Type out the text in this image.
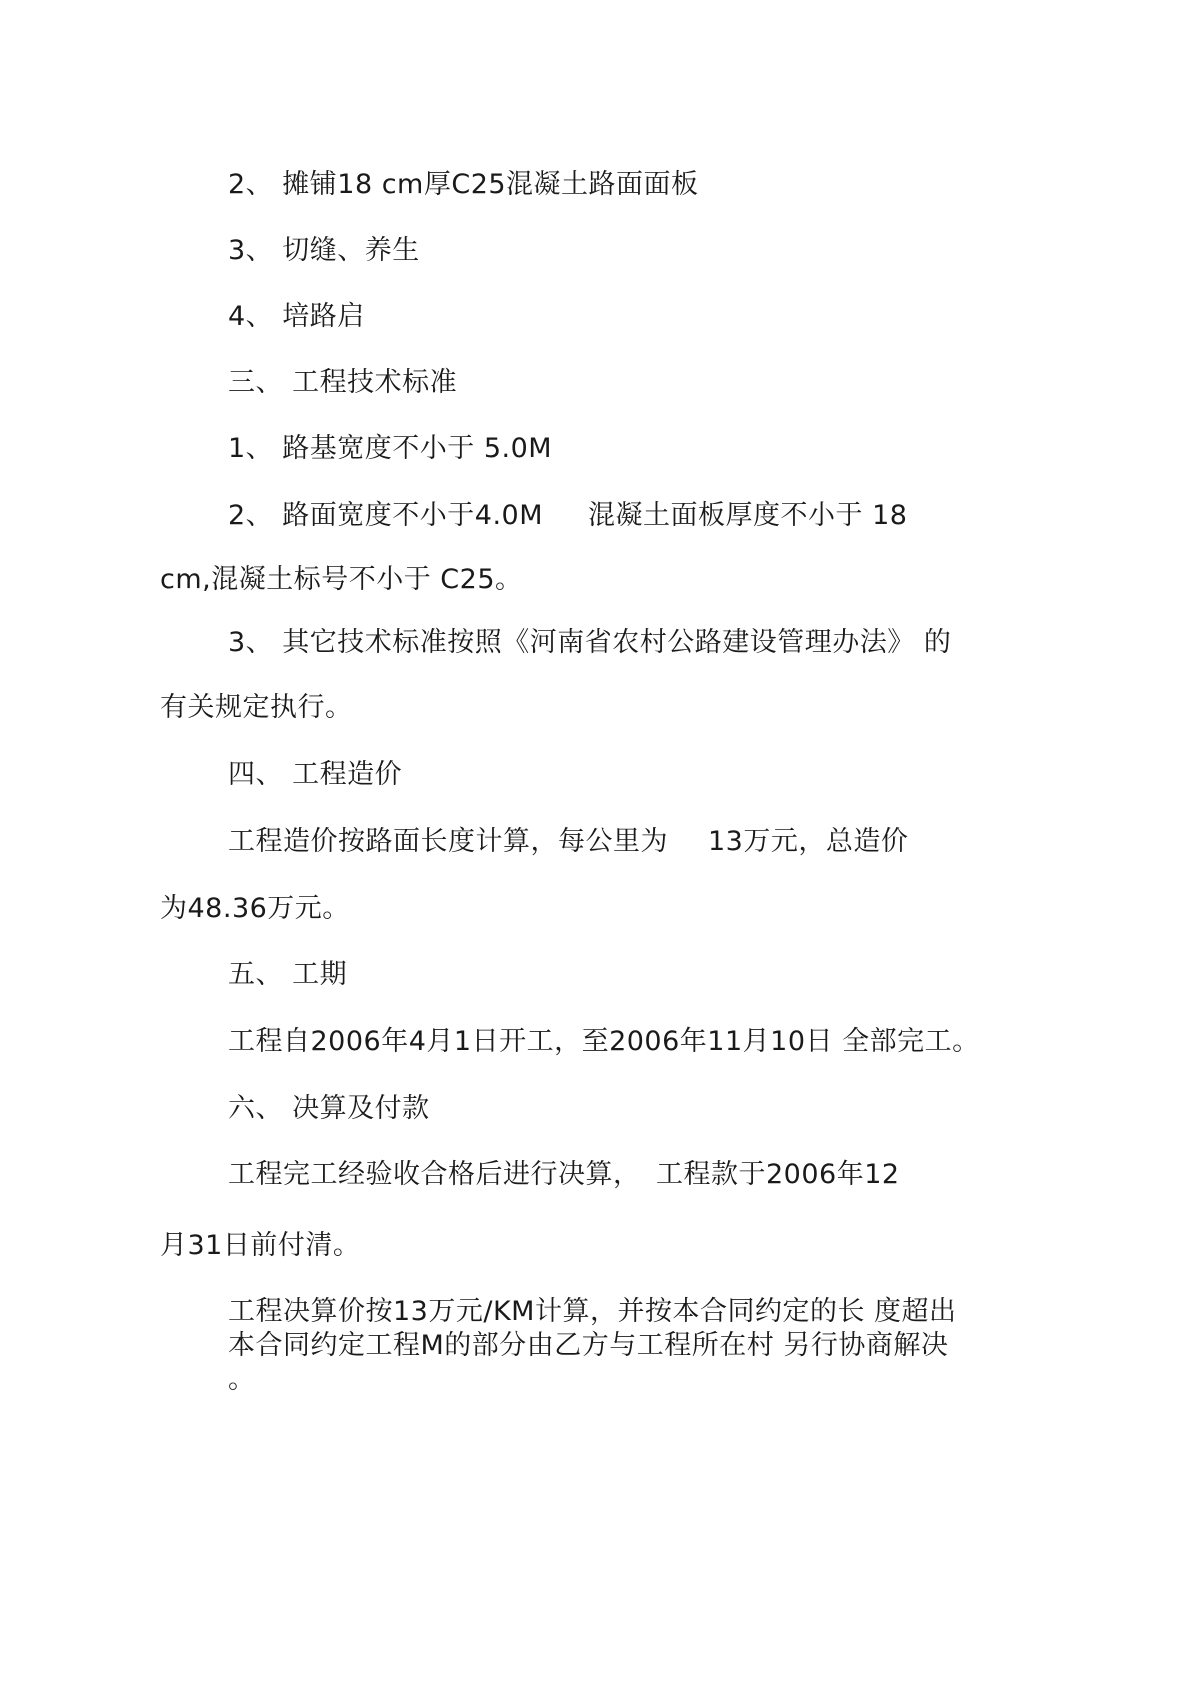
2、 摊铺18 cm厚C25混凝土路面面板
3、 切缝、养生
4、 培路启
三、 工程技术标准
1、 路基宽度不小于 5.0M
2、 路面宽度不小于4.0M 混凝土面板厚度不小于 18
cm,混凝土标号不小于 C25。
3、 其它技术标准按照《河南省农村公路建设管理办法》 的
有关规定执行。
四、 工程造价
工程造价按路面长度计算，每公里为 13万元，总造价
为48.36万元。
五、 工期
工程自2006年4月1日开工，至2006年11月10日 全部完工。
六、 决算及付款
工程完工经验收合格后进行决算， 工程款于2006年12
月31日前付清。
工程决算价按13万元/KM计算，并按本合同约定的长 度超出
本合同约定工程M的部分由乙方与工程所在村 另行协商解决
。
